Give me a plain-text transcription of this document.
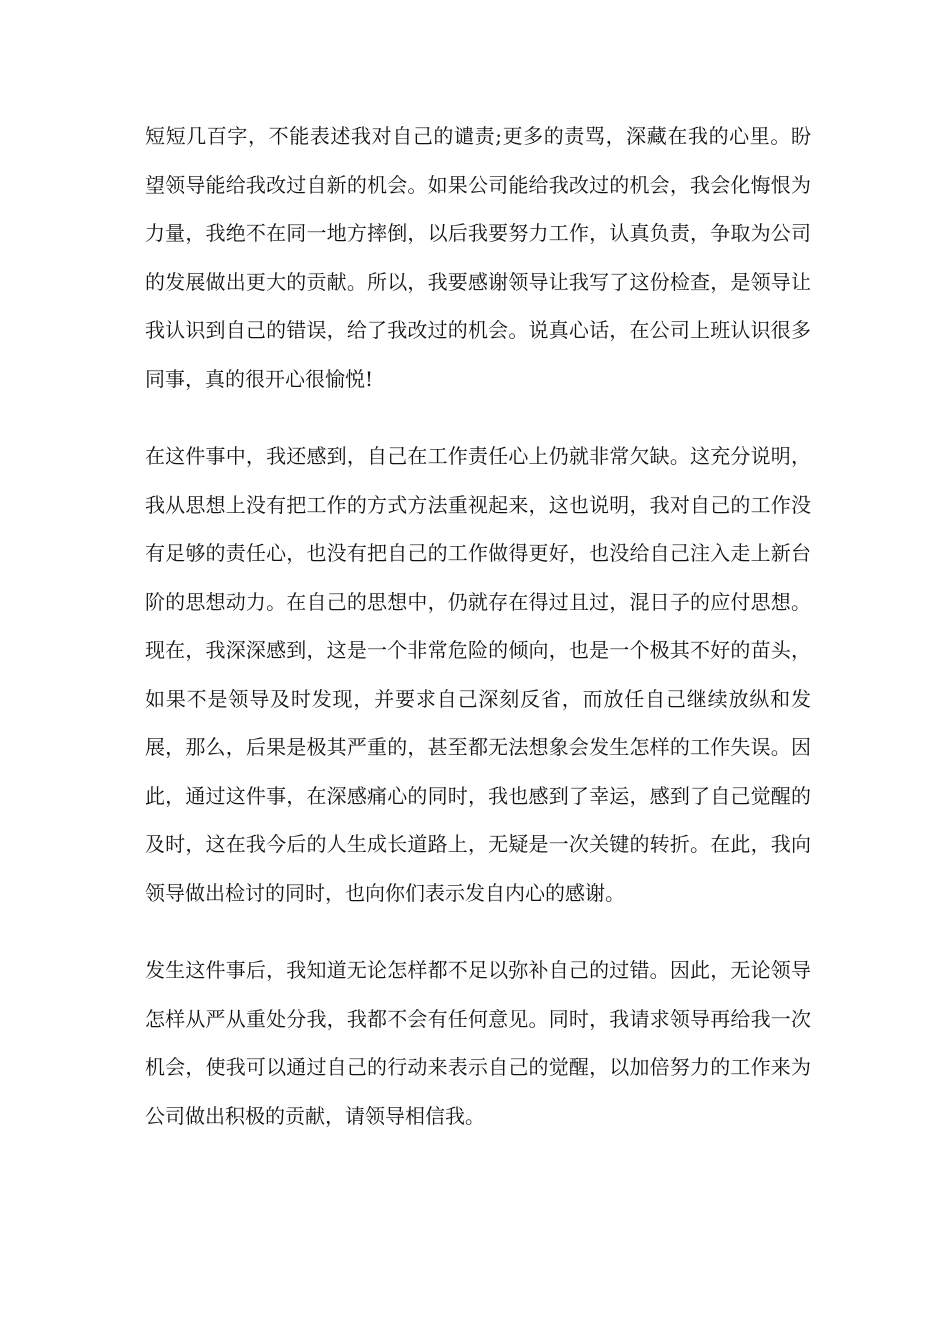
短短几百字，不能表述我对自己的谴责;更多的责骂，深藏在我的心里。盼望领导能给我改过自新的机会。如果公司能给我改过的机会，我会化悔恨为力量，我绝不在同一地方摔倒，以后我要努力工作，认真负责，争取为公司的发展做出更大的贡献。所以，我要感谢领导让我写了这份检查，是领导让我认识到自己的错误，给了我改过的机会。说真心话，在公司上班认识很多同事，真的很开心很愉悦!

在这件事中，我还感到，自己在工作责任心上仍就非常欠缺。这充分说明，我从思想上没有把工作的方式方法重视起来，这也说明，我对自己的工作没有足够的责任心，也没有把自己的工作做得更好，也没给自己注入走上新台阶的思想动力。在自己的思想中，仍就存在得过且过，混日子的应付思想。现在，我深深感到，这是一个非常危险的倾向，也是一个极其不好的苗头，如果不是领导及时发现，并要求自己深刻反省，而放任自己继续放纵和发展，那么，后果是极其严重的，甚至都无法想象会发生怎样的工作失误。因此，通过这件事，在深感痛心的同时，我也感到了幸运，感到了自己觉醒的及时，这在我今后的人生成长道路上，无疑是一次关键的转折。在此，我向领导做出检讨的同时，也向你们表示发自内心的感谢。

发生这件事后，我知道无论怎样都不足以弥补自己的过错。因此，无论领导怎样从严从重处分我，我都不会有任何意见。同时，我请求领导再给我一次机会，使我可以通过自己的行动来表示自己的觉醒，以加倍努力的工作来为公司做出积极的贡献，请领导相信我。
